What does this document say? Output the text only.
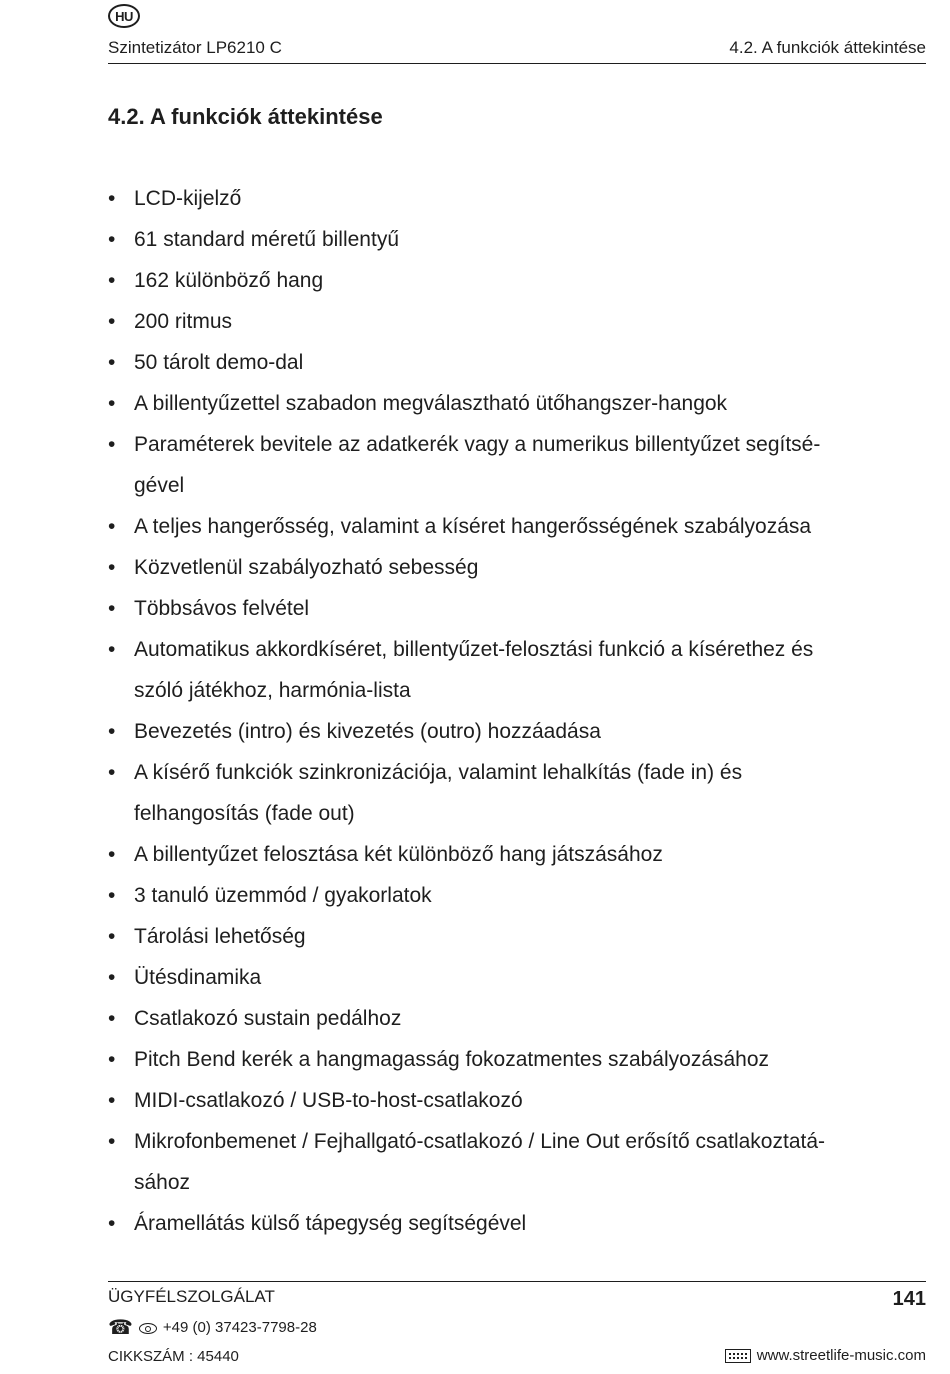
HU
Szintetizátor LP6210 C	4.2. A funkciók áttekintése
4.2. A funkciók áttekintése
• LCD-kijelző
• 61 standard méretű billentyű
• 162 különböző hang
• 200 ritmus
• 50 tárolt demo-dal
• A billentyűzettel szabadon megválasztható ütőhangszer-hangok
• Paraméterek bevitele az adatkerék vagy a numerikus billentyűzet segítsé-
gével
• A teljes hangerősség, valamint a kíséret hangerősségének szabályozása
• Közvetlenül szabályozható sebesség
• Többsávos felvétel
• Automatikus akkordkíséret, billentyűzet-felosztási funkció a kísérethez és
szóló játékhoz, harmónia-lista
• Bevezetés (intro) és kivezetés (outro) hozzáadása
• A kísérő funkciók szinkronizációja, valamint lehalkítás (fade in) és
felhangosítás (fade out)
• A billentyűzet felosztása két különböző hang játszásához
• 3 tanuló üzemmód / gyakorlatok
• Tárolási lehetőség
• Ütésdinamika
• Csatlakozó sustain pedálhoz
• Pitch Bend kerék a hangmagasság fokozatmentes szabályozásához
• MIDI-csatlakozó / USB-to-host-csatlakozó
• Mikrofonbemenet / Fejhallgató-csatlakozó / Line Out erősítő csatlakoztatá-
sához
• Áramellátás külső tápegység segítségével
ÜGYFÉLSZOLGÁLAT	141
☎ +49 (0) 37423-7798-28
CIKKSZÁM : 45440	www.streetlife-music.com
